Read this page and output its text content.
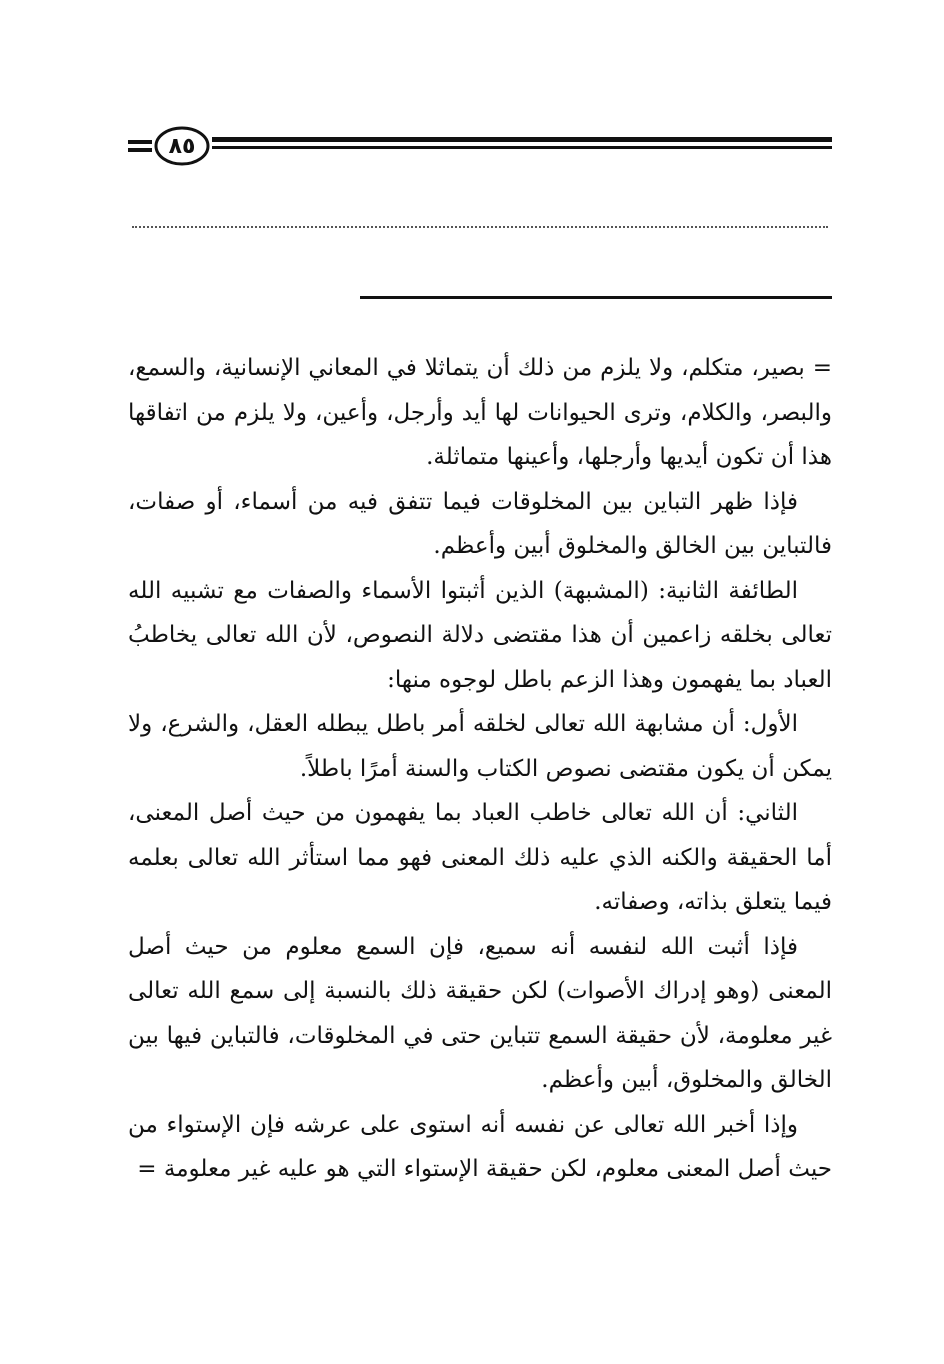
٨٥

= بصير، متكلم، ولا يلزم من ذلك أن يتماثلا في المعاني الإنسانية، والسمع، والبصر، والكلام، وترى الحيوانات لها أيد وأرجل، وأعين، ولا يلزم من اتفاقها هذا أن تكون أيديها وأرجلها، وأعينها متماثلة.

فإذا ظهر التباين بين المخلوقات فيما تتفق فيه من أسماء، أو صفات، فالتباين بين الخالق والمخلوق أبين وأعظم.

الطائفة الثانية: (المشبهة) الذين أثبتوا الأسماء والصفات مع تشبيه الله تعالى بخلقه زاعمين أن هذا مقتضى دلالة النصوص، لأن الله تعالى يخاطبُ العباد بما يفهمون وهذا الزعم باطل لوجوه منها:

الأول: أن مشابهة الله تعالى لخلقه أمر باطل يبطله العقل، والشرع، ولا يمكن أن يكون مقتضى نصوص الكتاب والسنة أمرًا باطلاً.

الثاني: أن الله تعالى خاطب العباد بما يفهمون من حيث أصل المعنى، أما الحقيقة والكنه الذي عليه ذلك المعنى فهو مما استأثر الله تعالى بعلمه فيما يتعلق بذاته، وصفاته.

فإذا أثبت الله لنفسه أنه سميع، فإن السمع معلوم من حيث أصل المعنى (وهو إدراك الأصوات) لكن حقيقة ذلك بالنسبة إلى سمع الله تعالى غير معلومة، لأن حقيقة السمع تتباين حتى في المخلوقات، فالتباين فيها بين الخالق والمخلوق، أبين وأعظم.

وإذا أخبر الله تعالى عن نفسه أنه استوى على عرشه فإن الإستواء من حيث أصل المعنى معلوم، لكن حقيقة الإستواء التي هو عليه غير معلومة =
